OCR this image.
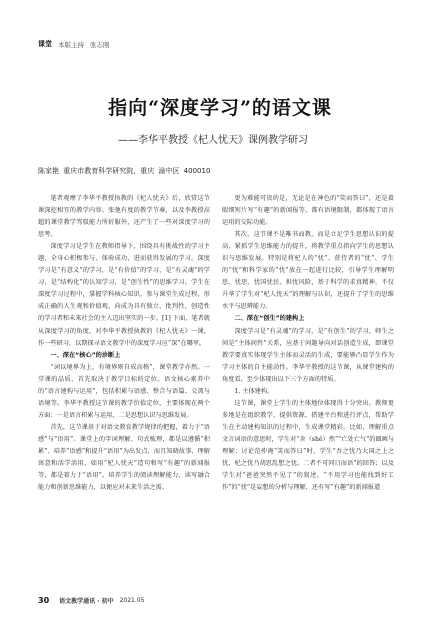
课堂 本版主持 张志刚
指向“深度学习”的语文课
——李华平教授《杞人忧天》课例教学研习
陈家艳 重庆市教育科学研究院，重庆 渝中区 400010

笔者观摩了李华平教授执教的《杞人忧天》后，欣赏这节课深挖相宜的教学内容、张弛有度的教学节奏，以及李教授高超的课堂教学驾驭能力所折服外，还产生了一些对深度学习的思考。

深度学习是学生在教师指导下，围绕具有挑战性的学习主题，全身心积极参与、体验成功，进而获得发展的学习。深度学习是“有意义”的学习，是“有价值”的学习，是“有灵魂”的学习，是“结构化”的认知学习，是“创生性”的思维学习。学生在深度学习过程中，掌握学科核心知识，参与课堂生成过程，形成正确的人生观和价值观，向成为具有独立、批判性、创造性的学习者和未来社会的主人迈出坚实的一步。[1] 下面，笔者就从深度学习的角度，对李华平教授执教的《杞人忧天》一课，作一些研习，以期探寻语文教学中的深度学习应“深”在哪里。

一、深在“核心”的诊断上

“词以境界为上，有境界则自成高格”，课堂教学亦然。一堂课的品质，首先取决于教学目标的定位。语文核心素养中的“语言建构与运用”，包括积累与语感、整合与语篇、交流与语境等。李华平教授这节课的教学价值定位，主要体现在两个方面：一是语言积累与运用，二是思想认识与思维发展。

首先，这节课基于对语文教育教学规律的把握，着力于“语感”与“语用”。课堂上的字词理解、句式梳理，都是以遵循“积累”、培养“语感”和提升“语用”为出发点，而且知晓故事、理解寓意和活学活用，如用“杞人忧天”造句和写“有趣”的新闻报等，都是着力于“语用”。培养学生的阅读理解能力、读写融合能力和创新思维能力，以便应对未来生活之需。

更为难能可贵的是，无论是在神色的“笑而答曰”，还是着眼细短片写“有趣”的新闻报等，都有语境限制，都体现了语言运用的交际功能。

其次，这节课不是唯书而教，而是立足学生思想认识的提高，紧抓学生思维能力的提升，将教学重点指向学生的思想认识与思维发展。特别是将杞人的“忧”、蔗侍者的“忧”、学生的“忧”和科学家的“忧”放在一起进行比较，引导学生理解明思、忧思、忧国忧民、担忧风险，基于科学的求真精神，不仅升华了学生对“杞人忧天”的理解与认识，还提升了学生的思维水平与思辨能力。

二、深在“创生”的建构上

深度学习是“有灵魂”的学习，是“有创生”的学习，师生之间是“主体间性”关系，应基于问题导向对话创造生成，即课堂教学要真实体现学生主体而灵活的生成，要能够凸显学生作为学习主体的自主能动性。李华平教授的这节课，从课堂建构的角度看，至少体现出以下三个方面的特质。

1. 主体建构。

这节课，课堂上学生的主体地位体现得十分突出。教师更多地是在组织教学、提供资源、搭建平台和进行评点，帮助学生在主动建构知识的过程中，生成课堂精彩。比如，理解重点文言词语的意思时，学生对“舍（shě）然”“亡处亡气”的圈画与理解；讨论范仲淹“笑而答曰”时，学生“吾之忧乃大国之上之忧，杞之忧乃胡思乱想之忧。二者不可同日而语”的回答；以及学生对“爸爸突然不见了”的叙述，“不用学习也能找到好工作”的“忧”是妄想的分析与理解，还有写“有趣”的新闻报道

30 语文教学通讯 · 初中 2021.05
